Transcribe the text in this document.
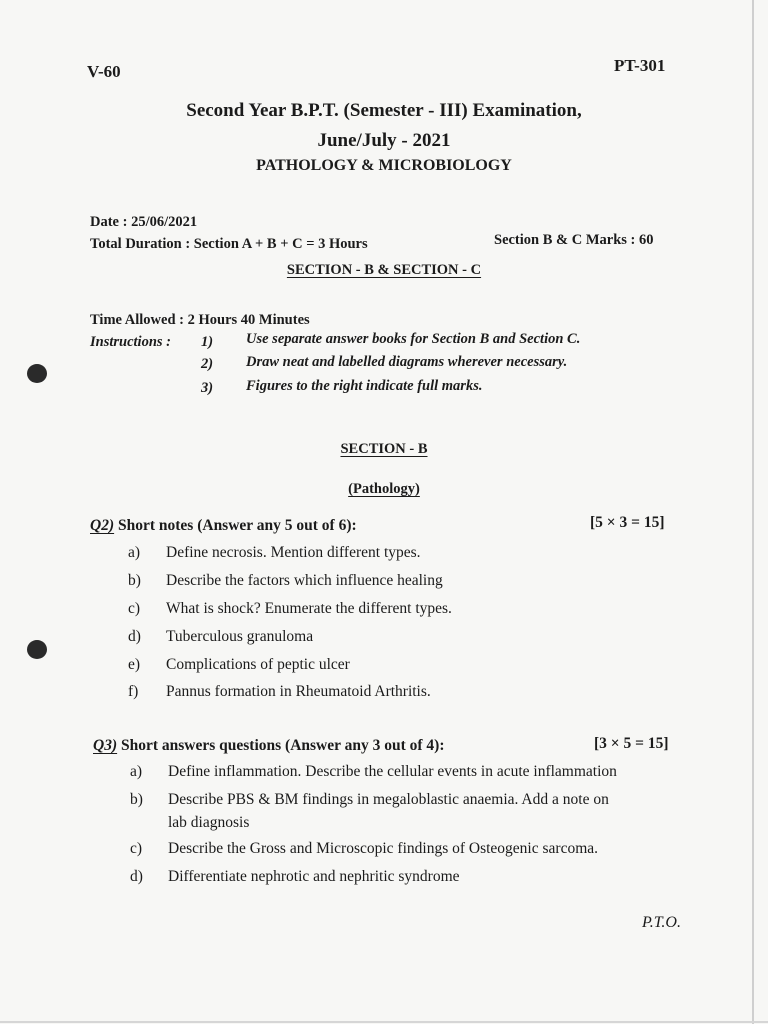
V-60	PT-301
Second Year B.P.T. (Semester - III) Examination,
June/July - 2021
PATHOLOGY & MICROBIOLOGY
Date : 25/06/2021
Total Duration : Section A + B + C = 3 Hours	Section B & C Marks : 60
SECTION - B & SECTION - C
Time Allowed : 2 Hours 40 Minutes
Instructions : 1) Use separate answer books for Section B and Section C.
2) Draw neat and labelled diagrams wherever necessary.
3) Figures to the right indicate full marks.
SECTION - B
(Pathology)
Q2) Short notes (Answer any 5 out of 6):	[5 × 3 = 15]
a) Define necrosis. Mention different types.
b) Describe the factors which influence healing
c) What is shock? Enumerate the different types.
d) Tuberculous granuloma
e) Complications of peptic ulcer
f) Pannus formation in Rheumatoid Arthritis.
Q3) Short answers questions (Answer any 3 out of 4):	[3 × 5 = 15]
a) Define inflammation. Describe the cellular events in acute inflammation
b) Describe PBS & BM findings in megaloblastic anaemia. Add a note on
lab diagnosis
c) Describe the Gross and Microscopic findings of Osteogenic sarcoma.
d) Differentiate nephrotic and nephritic syndrome
P.T.O.
